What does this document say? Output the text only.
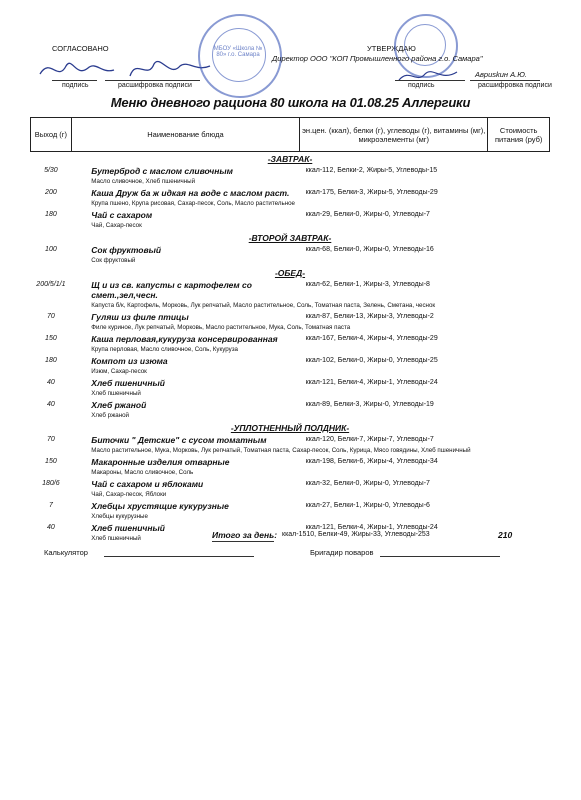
СОГЛАСОВАНО	УТВЕРЖДАЮ
подпись	расшифровка подписи
МБОУ «Школа № 80» г.о. Самара	Директор ООО "КОП Промышленного района г.о. Самара"
Авриskин А.Ю.
подпись	расшифровка подписи
Меню дневного рациона 80 школа на 01.08.25 Аллергики
Выход (г)	Наименование блюда	эн.цен. (ккал), белки (г), углеводы (г), витамины (мг), микроэлементы (мг)	Стоимость питания (руб)
-ЗАВТРАК-			
5/30	Бутерброд с маслом сливочным	ккал-112, Белки-2, Жиры-5, Углеводы-15	
	Масло сливочное, Хлеб пшеничный		
200	Каша Друж ба ж идкая на воде с маслом раст.	ккал-175, Белки-3, Жиры-5, Углеводы-29	
	Крупа пшено, Крупа рисовая, Сахар-песок, Соль, Масло растительное		
180	Чай с сахаром	ккал-29, Белки-0, Жиры-0, Углеводы-7	
	Чай, Сахар-песок		
-ВТОРОЙ ЗАВТРАК-			
100	Сок фруктовый	ккал-68, Белки-0, Жиры-0, Углеводы-16	
	Сок фруктовый		
-ОБЕД-			
200/5/1/1	Щ и из св. капусты с картофелем со смет.,зел,чесн.	ккал-62, Белки-1, Жиры-3, Углеводы-8	
	Капуста б/к, Картофель, Морковь, Лук репчатый, Масло растительное, Соль, Томатная паста, Зелень, Сметана, чеснок		
70	Гуляш из филе птицы	ккал-87, Белки-13, Жиры-3, Углеводы-2	
	Филе куриное, Лук репчатый, Морковь, Масло растительное, Мука, Соль, Томатная паста		
150	Каша перловая,кукуруза консервированная	ккал-167, Белки-4, Жиры-4, Углеводы-29	
	Крупа перловая, Масло сливочное, Соль, Кукуруза		
180	Компот из изюма	ккал-102, Белки-0, Жиры-0, Углеводы-25	
	Изюм, Сахар-песок		
40	Хлеб пшеничный	ккал-121, Белки-4, Жиры-1, Углеводы-24	
	Хлеб пшеничный		
40	Хлеб ржаной	ккал-89, Белки-3, Жиры-0, Углеводы-19	
	Хлеб ржаной		
-УПЛОТНЕННЫЙ ПОЛДНИК-			
70	Биточки " Детские" с сусом томатным	ккал-120, Белки-7, Жиры-7, Углеводы-7	
	Масло растительное, Мука, Морковь, Лук репчатый, Томатная паста, Сахар-песок, Соль, Курица, Мясо говядины, Хлеб пшеничный		
150	Макаронные изделия отварные	ккал-198, Белки-6, Жиры-4, Углеводы-34	
	Макароны, Масло сливочное, Соль		
180/6	Чай с сахаром и яблоками	ккал-32, Белки-0, Жиры-0, Углеводы-7	
	Чай, Сахар-песок, Яблоки		
7	Хлебцы хрустящие кукурузные	ккал-27, Белки-1, Жиры-0, Углеводы-6	
	Хлебцы кукурузные		
40	Хлеб пшеничный	ккал-121, Белки-4, Жиры-1, Углеводы-24	
	Хлеб пшеничный			Итого за день: ккал-1510, Белки-49, Жиры-33, Углеводы-253	210
Калькулятор	Бригадир поваров
